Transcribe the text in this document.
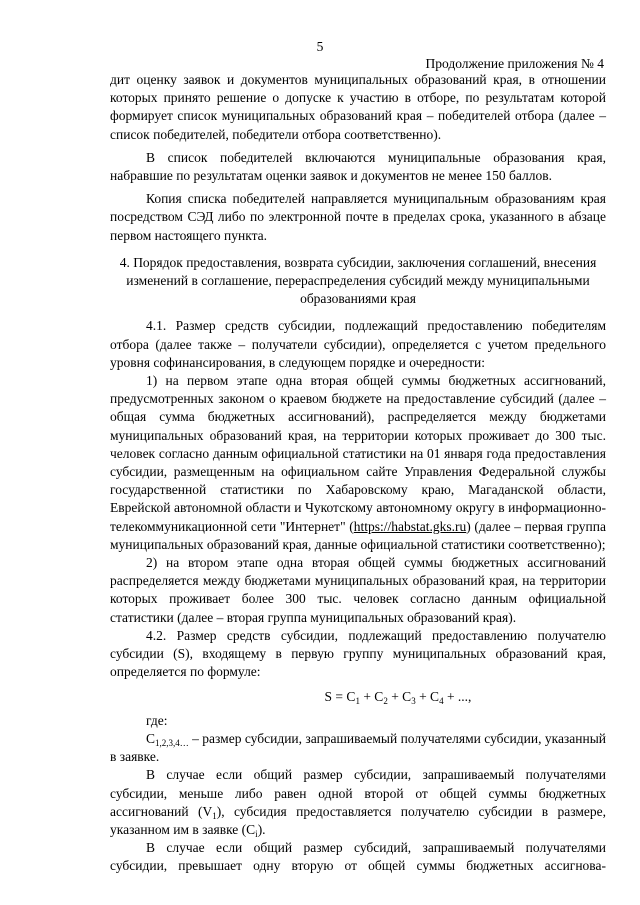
5
Продолжение приложения № 4

дит оценку заявок и документов муниципальных образований края, в отношении которых принято решение о допуске к участию в отборе, по результатам которой формирует список муниципальных образований края – победителей отбора (далее – список победителей, победители отбора соответственно).

В список победителей включаются муниципальные образования края, набравшие по результатам оценки заявок и документов не менее 150 баллов.

Копия списка победителей направляется муниципальным образованиям края посредством СЭД либо по электронной почте в пределах срока, указанного в абзаце первом настоящего пункта.

4. Порядок предоставления, возврата субсидии, заключения соглашений, внесения изменений в соглашение, перераспределения субсидий между муниципальными образованиями края

4.1. Размер средств субсидии, подлежащий предоставлению победителям отбора (далее также – получатели субсидии), определяется с учетом предельного уровня софинансирования, в следующем порядке и очередности:

1) на первом этапе одна вторая общей суммы бюджетных ассигнований, предусмотренных законом о краевом бюджете на предоставление субсидий (далее – общая сумма бюджетных ассигнований), распределяется между бюджетами муниципальных образований края, на территории которых проживает до 300 тыс. человек согласно данным официальной статистики на 01 января года предоставления субсидии, размещенным на официальном сайте Управления Федеральной службы государственной статистики по Хабаровскому краю, Магаданской области, Еврейской автономной области и Чукотскому автономному округу в информационно-телекоммуникационной сети "Интернет" (https://habstat.gks.ru) (далее – первая группа муниципальных образований края, данные официальной статистики соответственно);

2) на втором этапе одна вторая общей суммы бюджетных ассигнований распределяется между бюджетами муниципальных образований края, на территории которых проживает более 300 тыс. человек согласно данным официальной статистики (далее – вторая группа муниципальных образований края).

4.2. Размер средств субсидии, подлежащий предоставлению получателю субсидии (S), входящему в первую группу муниципальных образований края, определяется по формуле:

$S = C_1 + C_2 + C_3 + C_4$ + ...,

где:

$C_{1,2,3,4\dots}$ – размер субсидии, запрашиваемый получателями субсидии, указанный в заявке.

В случае если общий размер субсидии, запрашиваемый получателями субсидии, меньше либо равен одной второй от общей суммы бюджетных ассигнований $(V_1)$, субсидия предоставляется получателю субсидии в размере, указанном им в заявке $(C_i)$.

В случае если общий размер субсидий, запрашиваемый получателями субсидии, превышает одну вторую от общей суммы бюджетных ассигнова-
